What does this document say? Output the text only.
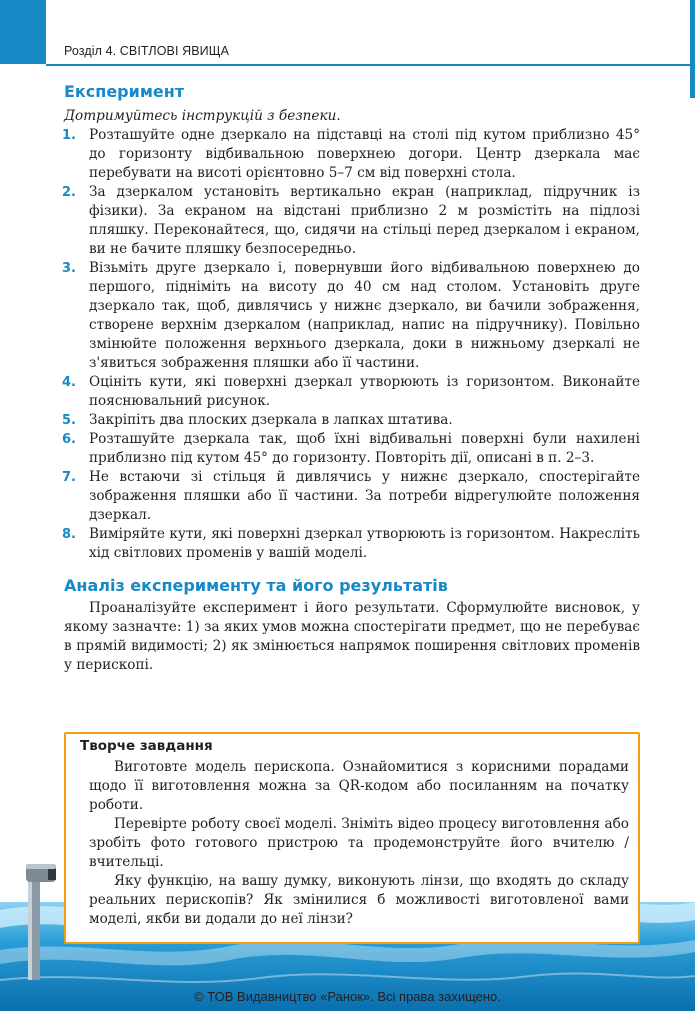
Розділ 4. СВІТЛОВІ ЯВИЩА
Експеримент

Дотримуйтесь інструкцій з безпеки.

1. Розташуйте одне дзеркало на підставці на столі під кутом приблизно 45° до горизонту відбивальною поверхнею догори. Центр дзеркала має перебувати на висоті орієнтовно 5–7 см від поверхні стола.
2. За дзеркалом установіть вертикально екран (наприклад, підручник із фізики). За екраном на відстані приблизно 2 м розмістіть на підлозі пляшку. Переконайтеся, що, сидячи на стільці перед дзеркалом і екраном, ви не бачите пляшку безпосередньо.
3. Візьміть друге дзеркало і, повернувши його відбивальною поверхнею до першого, підніміть на висоту до 40 см над столом. Установіть друге дзеркало так, щоб, дивлячись у нижнє дзеркало, ви бачили зображення, створене верхнім дзеркалом (наприклад, напис на підручнику). Повільно змінюйте положення верхнього дзеркала, доки в нижньому дзеркалі не з'явиться зображення пляшки або її частини.
4. Оцініть кути, які поверхні дзеркал утворюють із горизонтом. Виконайте пояснювальний рисунок.
5. Закріпіть два плоских дзеркала в лапках штатива.
6. Розташуйте дзеркала так, щоб їхні відбивальні поверхні були нахилені приблизно під кутом 45° до горизонту. Повторіть дії, описані в п. 2–3.
7. Не встаючи зі стільця й дивлячись у нижнє дзеркало, спостерігайте зображення пляшки або її частини. За потреби відрегулюйте положення дзеркал.
8. Виміряйте кути, які поверхні дзеркал утворюють із горизонтом. Накресліть хід світлових променів у вашій моделі.
Аналіз експерименту та його результатів

Проаналізуйте експеримент і його результати. Сформулюйте висновок, у якому зазначте: 1) за яких умов можна спостерігати предмет, що не перебуває в прямій видимості; 2) як змінюється напрямок поширення світлових променів у перископі.

Творче завдання

Виготовте модель перископа. Ознайомитися з корисними порадами щодо її виготовлення можна за QR-кодом або посиланням на початку роботи.

Перевірте роботу своєї моделі. Зніміть відео процесу виготовлення або зробіть фото готового пристрою та продемонструйте його вчителю / вчительці.

Яку функцію, на вашу думку, виконують лінзи, що входять до складу реальних перископів? Як змінилися б можливості виготовленої вами моделі, якби ви додали до неї лінзи?

© ТОВ Видавництво «Ранок». Всі права захищено.
